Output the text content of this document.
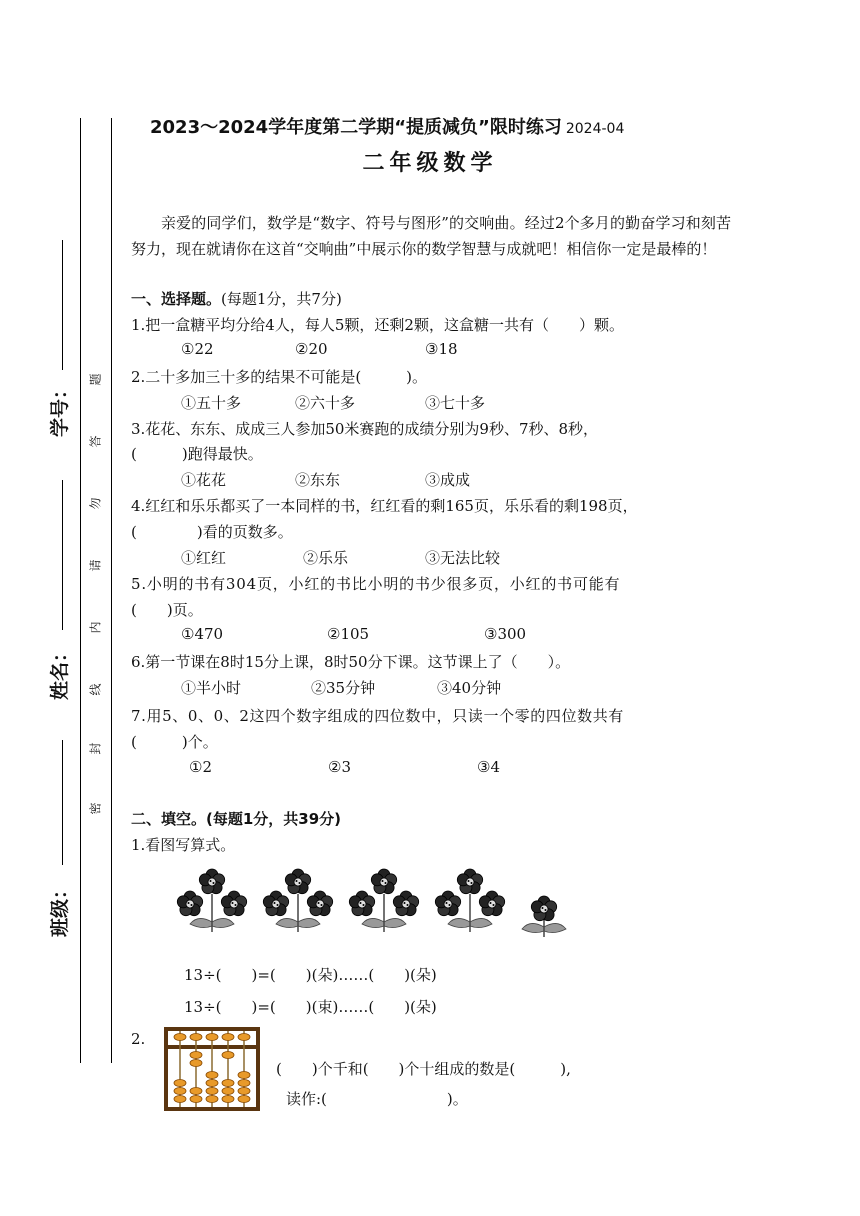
学号：
姓名：
班级：
题
答
勿
请
内
线
封
密
2023～2024学年度第二学期“提质减负”限时练习 2024-04
二年级数学
亲爱的同学们，数学是“数字、符号与图形”的交响曲。经过2个多月的勤奋学习和刻苦努力，现在就请你在这首“交响曲”中展示你的数学智慧与成就吧！相信你一定是最棒的！
一、选择题。(每题1分，共7分)
1.把一盒糖平均分给4人，每人5颗，还剩2颗，这盒糖一共有（　　）颗。
①22	②20	③18
2.二十多加三十多的结果不可能是(　　　)。
①五十多	②六十多	③七十多
3.花花、东东、成成三人参加50米赛跑的成绩分别为9秒、7秒、8秒，
(　　　)跑得最快。
①花花	②东东	③成成
4.红红和乐乐都买了一本同样的书，红红看的剩165页，乐乐看的剩198页，
(　　　　)看的页数多。
①红红	②乐乐	③无法比较
5.小明的书有304页，小红的书比小明的书少很多页，小红的书可能有
(　　)页。
①470	②105	③300
6.第一节课在8时15分上课，8时50分下课。这节课上了（　　）。
①半小时	②35分钟	③40分钟
7.用5、0、0、2这四个数字组成的四位数中，只读一个零的四位数共有
(　　　)个。
①2	②3	③4
二、填空。(每题1分，共39分)
1.看图写算式。
13÷(　　)=(　　)(朵)……(　　)(朵)
13÷(　　)=(　　)(束)……(　　)(朵)
2.
(　　)个千和(　　)个十组成的数是(　　　),
读作:(　　　　　　　　)。
